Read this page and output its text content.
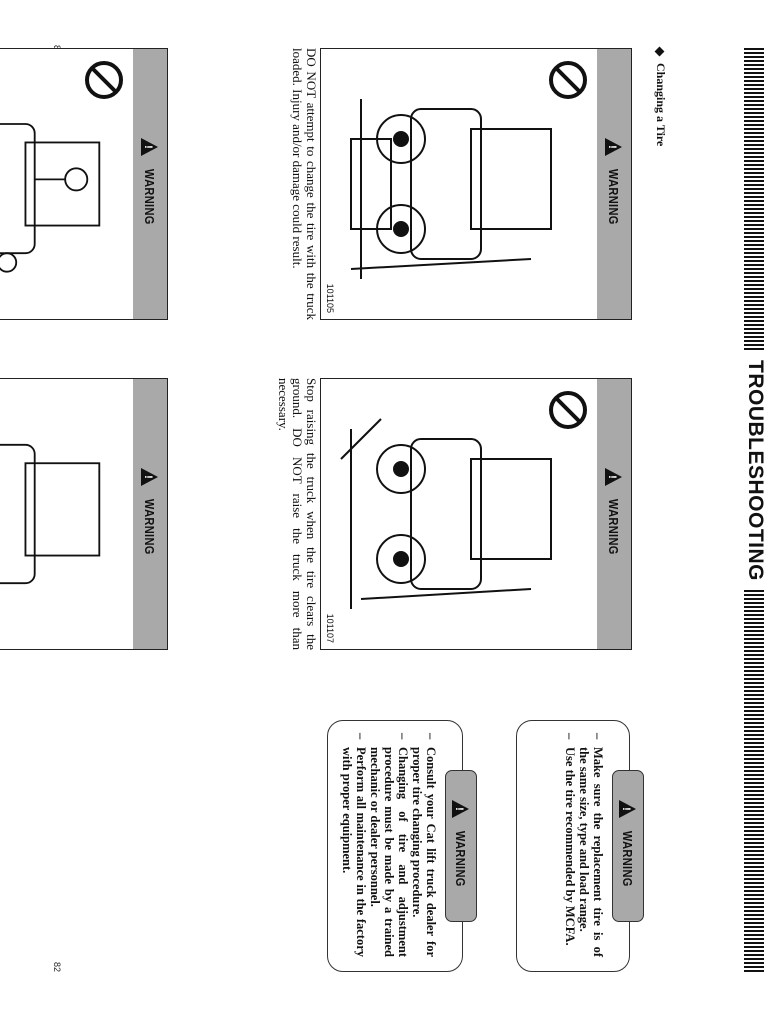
82
TROUBLESHOOTING
Changing a Tire
!
WARNING
101105
DO NOT attempt to change the tire with the truck loaded. Injury and/or damage could result.
!
WARNING
101107
Stop raising the truck when the tire clears the ground. DO NOT raise the truck more than necessary.
!
WARNING
!
WARNING
!
WARNING
– Make sure the replacement tire is of the same size, type and load range.
– Use the tire recommended by MCFA.
!
WARNING
– Consult your Cat lift truck dealer for proper tire changing procedure.
– Changing of tire and adjustment procedure must be made by a trained mechanic or dealer personnel.
– Perform all maintenance in the factory with proper equipment.
